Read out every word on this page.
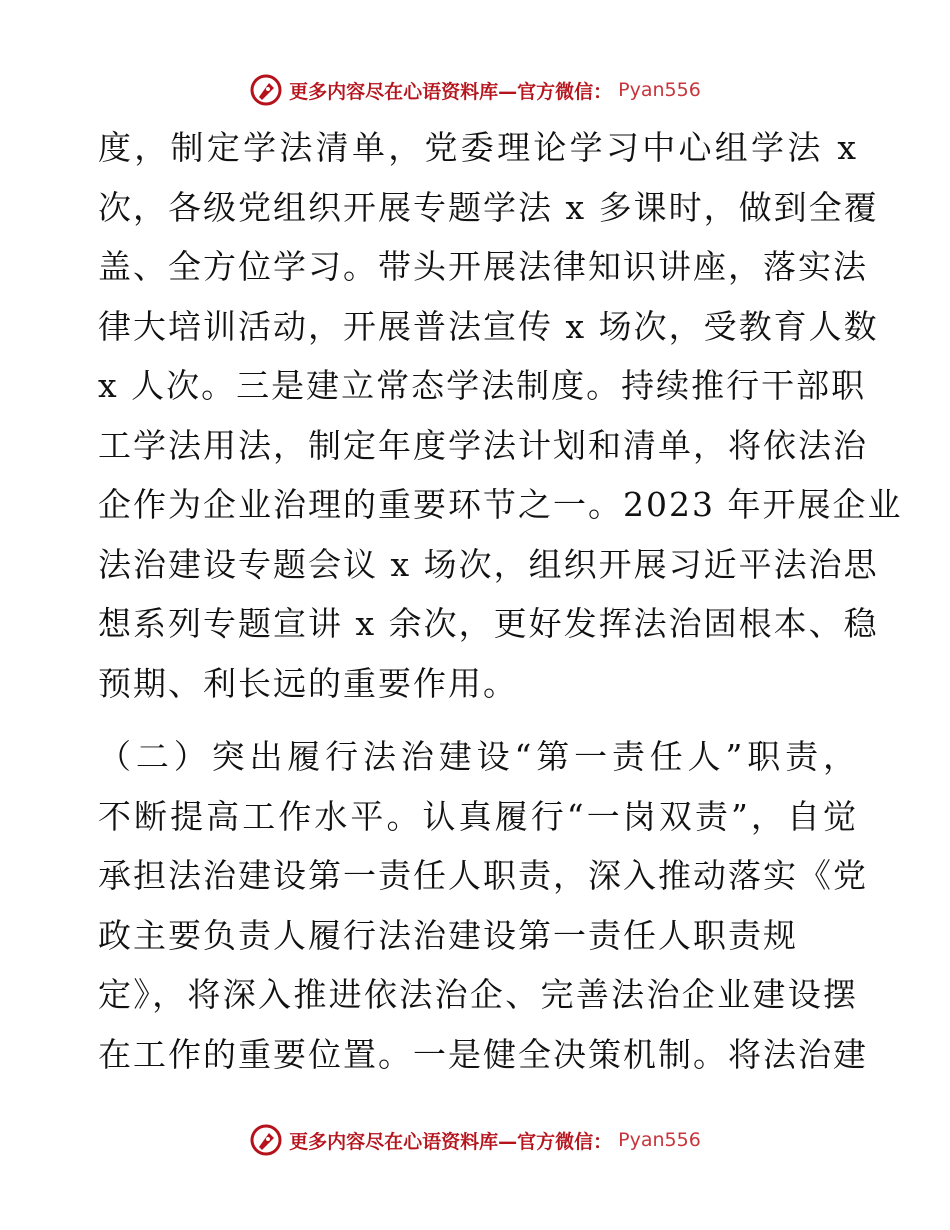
更多内容尽在心语资料库—官方微信： Pyan556
度，制定学法清单，党委理论学习中心组学法 x
次，各级党组织开展专题学法 x 多课时，做到全覆
盖、全方位学习。带头开展法律知识讲座，落实法
律大培训活动，开展普法宣传 x 场次，受教育人数
x 人次。三是建立常态学法制度。持续推行干部职
工学法用法，制定年度学法计划和清单，将依法治
企作为企业治理的重要环节之一。2023 年开展企业
法治建设专题会议 x 场次，组织开展习近平法治思
想系列专题宣讲 x 余次，更好发挥法治固根本、稳
预期、利长远的重要作用。
（二）突出履行法治建设“第一责任人”职责，
不断提高工作水平。认真履行“一岗双责”，自觉
承担法治建设第一责任人职责，深入推动落实《党
政主要负责人履行法治建设第一责任人职责规
定》，将深入推进依法治企、完善法治企业建设摆
在工作的重要位置。一是健全决策机制。将法治建
更多内容尽在心语资料库—官方微信： Pyan556
